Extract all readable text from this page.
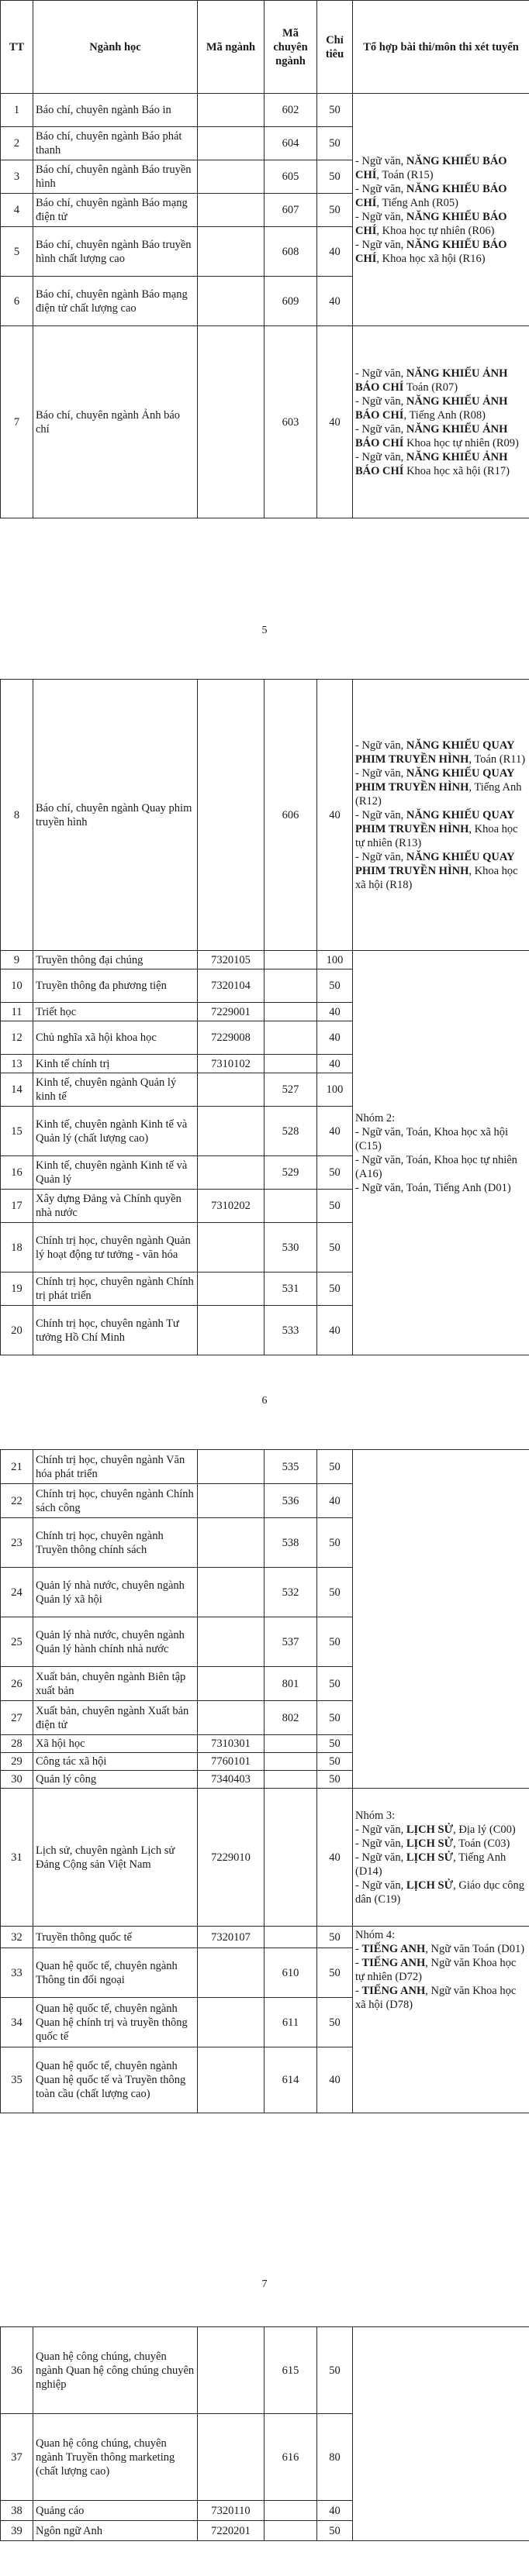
TT	Ngành học	Mã ngành	Mã chuyên ngành	Chỉ tiêu	Tổ hợp bài thi/môn thi xét tuyển
1	Báo chí, chuyên ngành Báo in		602	50	- Ngữ văn, NĂNG KHIẾU BÁO CHÍ, Toán (R15)
- Ngữ văn, NĂNG KHIẾU BÁO CHÍ, Tiếng Anh (R05)
- Ngữ văn, NĂNG KHIẾU BÁO CHÍ, Khoa học tự nhiên (R06)
- Ngữ văn, NĂNG KHIẾU BÁO CHÍ, Khoa học xã hội (R16)

2	Báo chí, chuyên ngành Báo phát thanh		604	50	
3	Báo chí, chuyên ngành Báo truyền hình		605	50	
4	Báo chí, chuyên ngành Báo mạng điện tử		607	50	
5	Báo chí, chuyên ngành Báo truyền hình chất lượng cao		608	40	
6	Báo chí, chuyên ngành Báo mạng điện tử chất lượng cao		609	40	
7	Báo chí, chuyên ngành Ảnh báo chí		603	40	- Ngữ văn, NĂNG KHIẾU ẢNH BÁO CHÍ Toán (R07)
- Ngữ văn, NĂNG KHIẾU ẢNH BÁO CHÍ, Tiếng Anh (R08)
- Ngữ văn, NĂNG KHIẾU ẢNH BÁO CHÍ Khoa học tự nhiên (R09)
- Ngữ văn, NĂNG KHIẾU ẢNH BÁO CHÍ Khoa học xã hội (R17)
5
8	Báo chí, chuyên ngành Quay phim truyền hình		606	40	- Ngữ văn, NĂNG KHIẾU QUAY PHIM TRUYỀN HÌNH, Toán (R11)
- Ngữ văn, NĂNG KHIẾU QUAY PHIM TRUYỀN HÌNH, Tiếng Anh (R12)
- Ngữ văn, NĂNG KHIẾU QUAY PHIM TRUYỀN HÌNH, Khoa học tự nhiên (R13)
- Ngữ văn, NĂNG KHIẾU QUAY PHIM TRUYỀN HÌNH, Khoa học xã hội (R18)

9	Truyền thông đại chúng	7320105		100	Nhóm 2:
- Ngữ văn, Toán, Khoa học xã hội (C15)
- Ngữ văn, Toán, Khoa học tự nhiên (A16)
- Ngữ văn, Toán, Tiếng Anh (D01)

10	Truyền thông đa phương tiện	7320104		50	
11	Triết học	7229001		40	
12	Chủ nghĩa xã hội khoa học	7229008		40	
13	Kinh tế chính trị	7310102		40	
14	Kinh tế, chuyên ngành Quản lý kinh tế		527	100	
15	Kinh tế, chuyên ngành Kinh tế và Quản lý (chất lượng cao)		528	40	
16	Kinh tế, chuyên ngành Kinh tế và Quản lý		529	50	
17	Xây dựng Đảng và Chính quyền nhà nước	7310202		50	
18	Chính trị học, chuyên ngành Quản lý hoạt động tư tưởng - văn hóa		530	50	
19	Chính trị học, chuyên ngành Chính trị phát triển		531	50	
20	Chính trị học, chuyên ngành Tư tưởng Hồ Chí Minh		533	40	
6
21	Chính trị học, chuyên ngành Văn hóa phát triển		535	50	
22	Chính trị học, chuyên ngành Chính sách công		536	40	
23	Chính trị học, chuyên ngành Truyền thông chính sách		538	50	
24	Quản lý nhà nước, chuyên ngành Quản lý xã hội		532	50	
25	Quản lý nhà nước, chuyên ngành Quản lý hành chính nhà nước		537	50	
26	Xuất bản, chuyên ngành Biên tập xuất bản		801	50	
27	Xuất bản, chuyên ngành Xuất bản điện tử		802	50	
28	Xã hội học	7310301		50	
29	Công tác xã hội	7760101		50	
30	Quản lý công	7340403		50	
31	Lịch sử, chuyên ngành Lịch sử Đảng Cộng sản Việt Nam	7229010		40	Nhóm 3:
- Ngữ văn, LỊCH SỬ, Địa lý (C00)
- Ngữ văn, LỊCH SỬ, Toán (C03)
- Ngữ văn, LỊCH SỬ, Tiếng Anh (D14)
- Ngữ văn, LỊCH SỬ, Giáo dục công dân (C19)

32	Truyền thông quốc tế	7320107		50	Nhóm 4:
- TIẾNG ANH, Ngữ văn Toán (D01)
- TIẾNG ANH, Ngữ văn Khoa học tự nhiên (D72)
- TIẾNG ANH, Ngữ văn Khoa học xã hội (D78)

33	Quan hệ quốc tế, chuyên ngành Thông tin đối ngoại		610	50	
34	Quan hệ quốc tế, chuyên ngành Quan hệ chính trị và truyền thông quốc tế		611	50	
35	Quan hệ quốc tế, chuyên ngành Quan hệ quốc tế và Truyền thông toàn cầu (chất lượng cao)		614	40	
7
36	Quan hệ công chúng, chuyên ngành Quan hệ công chúng chuyên nghiệp		615	50	
37	Quan hệ công chúng, chuyên ngành Truyền thông marketing (chất lượng cao)		616	80	
38	Quảng cáo	7320110		40	
39	Ngôn ngữ Anh	7220201		50	
